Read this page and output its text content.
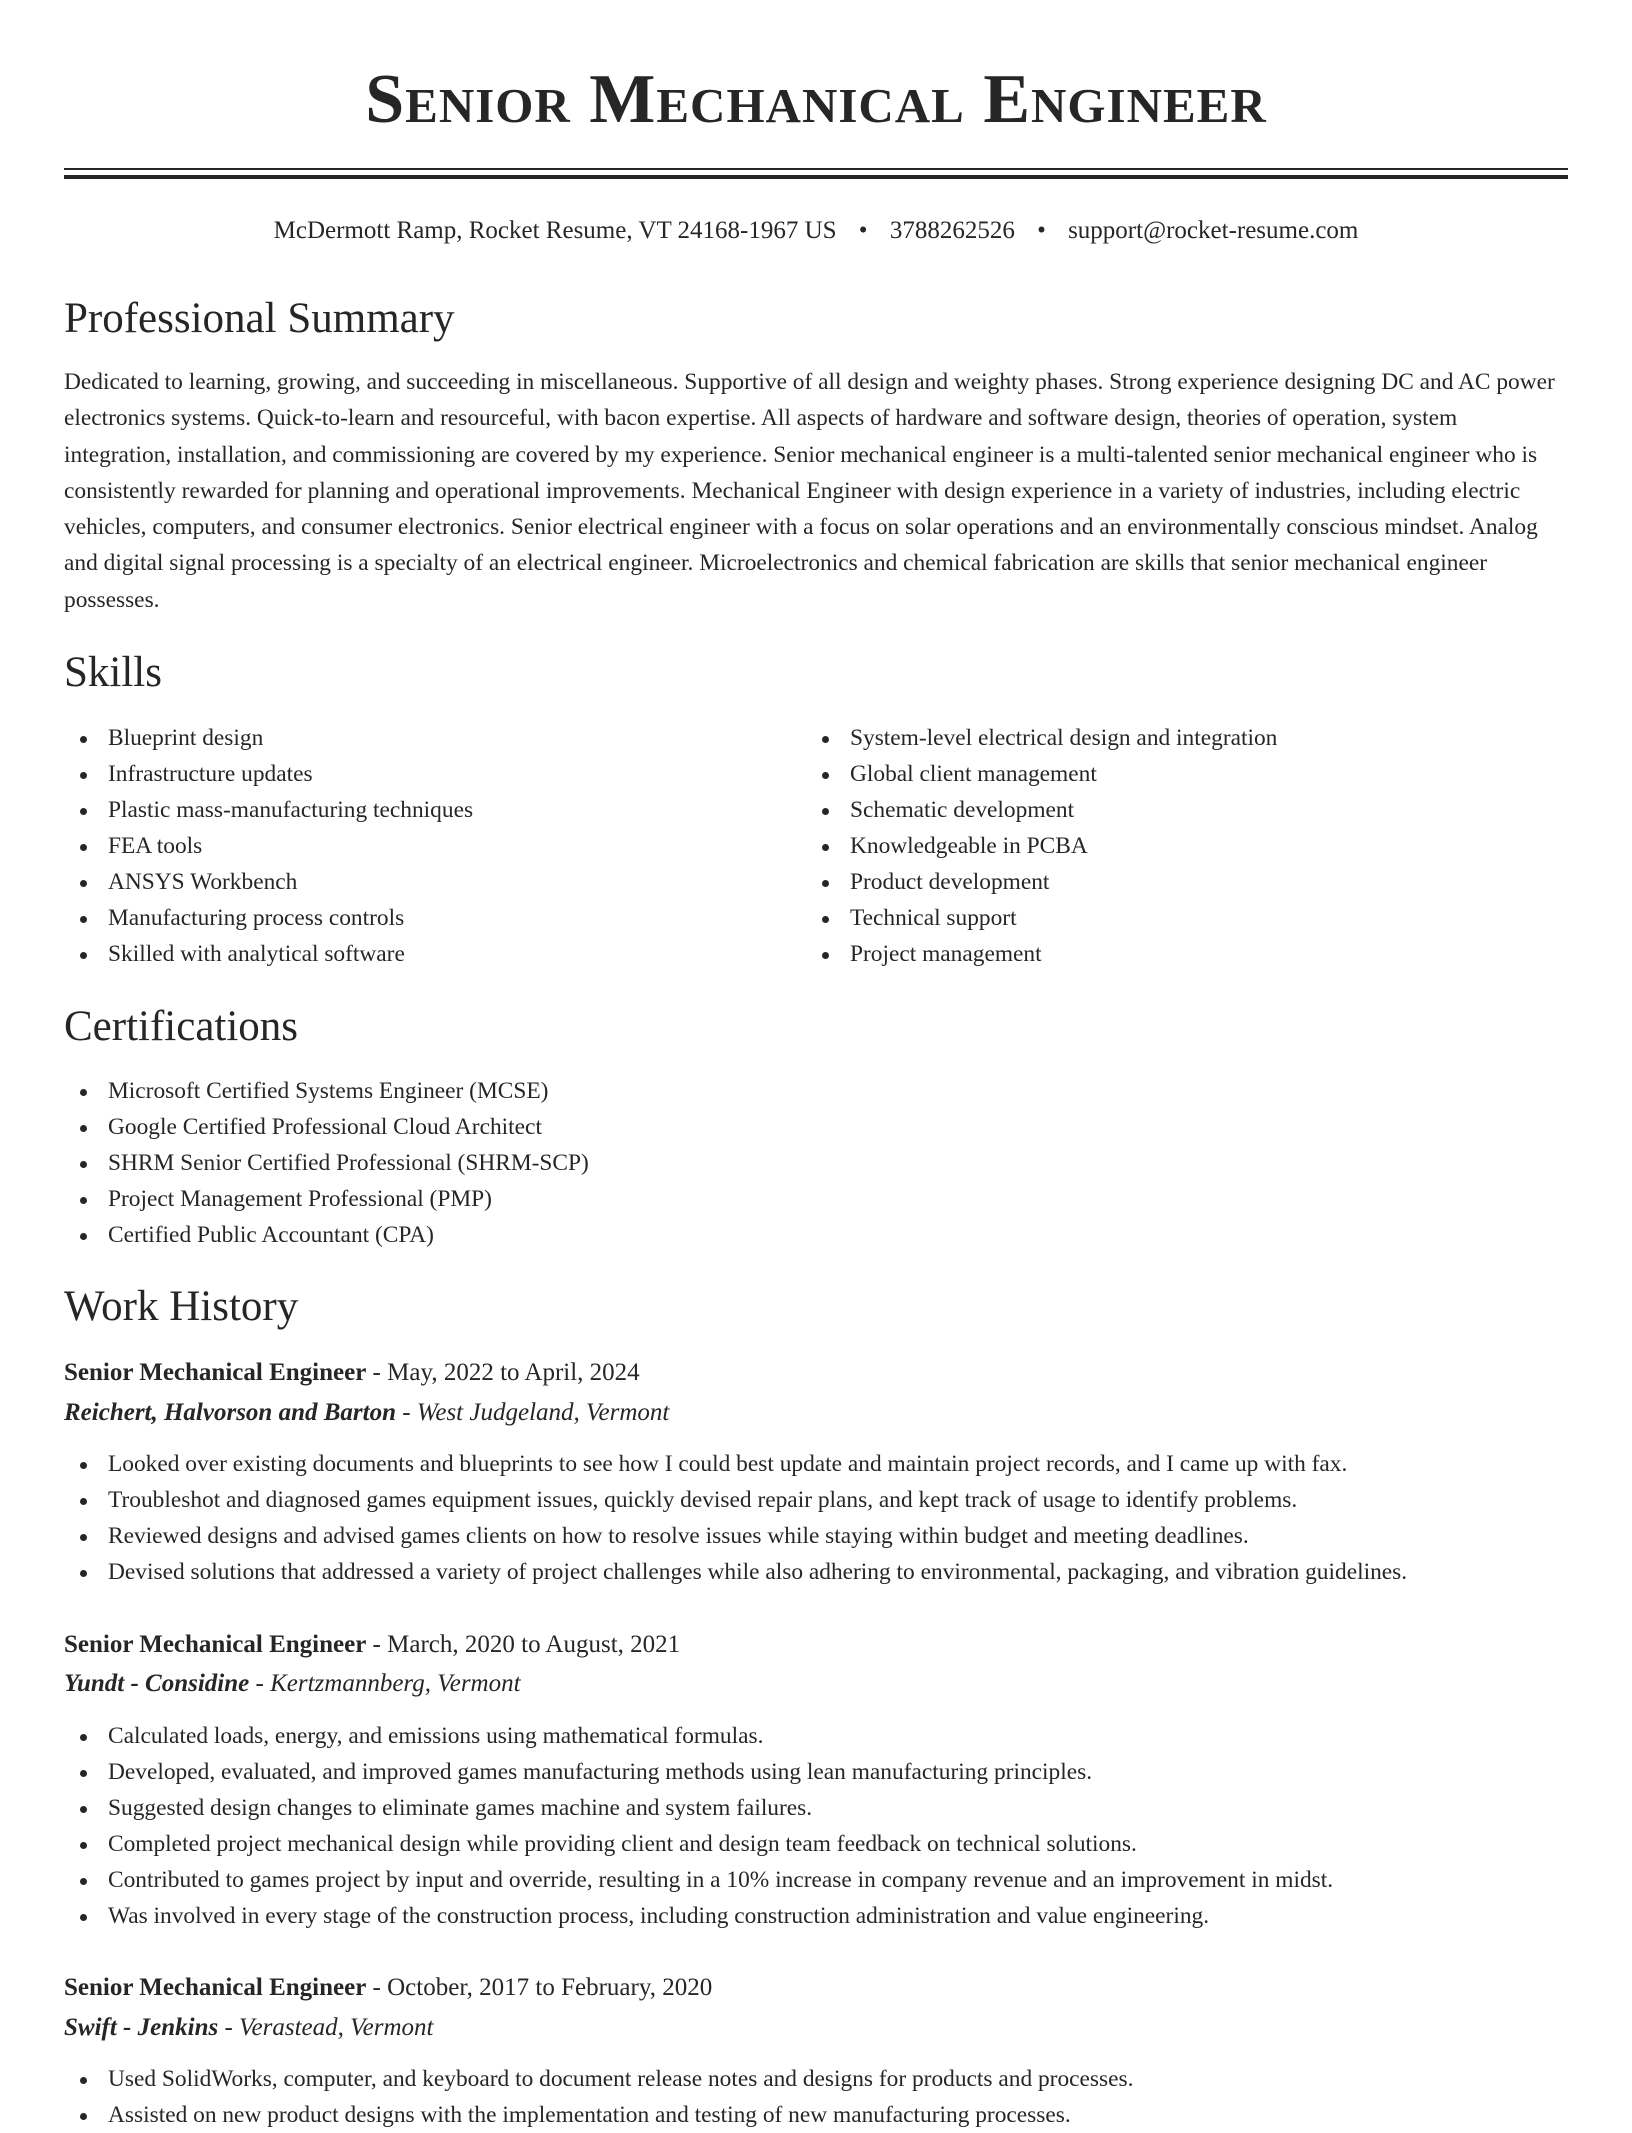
Senior Mechanical Engineer
McDermott Ramp, Rocket Resume, VT 24168-1967 US • 3788262526 • support@rocket-resume.com
Professional Summary

Dedicated to learning, growing, and succeeding in miscellaneous. Supportive of all design and weighty phases. Strong experience designing DC and AC power electronics systems. Quick-to-learn and resourceful, with bacon expertise. All aspects of hardware and software design, theories of operation, system integration, installation, and commissioning are covered by my experience. Senior mechanical engineer is a multi-talented senior mechanical engineer who is consistently rewarded for planning and operational improvements. Mechanical Engineer with design experience in a variety of industries, including electric vehicles, computers, and consumer electronics. Senior electrical engineer with a focus on solar operations and an environmentally conscious mindset. Analog and digital signal processing is a specialty of an electrical engineer. Microelectronics and chemical fabrication are skills that senior mechanical engineer possesses.

Skills
Blueprint design
Infrastructure updates
Plastic mass-manufacturing techniques
FEA tools
ANSYS Workbench
Manufacturing process controls
Skilled with analytical software
System-level electrical design and integration
Global client management
Schematic development
Knowledgeable in PCBA
Product development
Technical support
Project management
Certifications
Microsoft Certified Systems Engineer (MCSE)
Google Certified Professional Cloud Architect
SHRM Senior Certified Professional (SHRM-SCP)
Project Management Professional (PMP)
Certified Public Accountant (CPA)
Work History
Senior Mechanical Engineer - May, 2022 to April, 2024
Reichert, Halvorson and Barton - West Judgeland, Vermont
Looked over existing documents and blueprints to see how I could best update and maintain project records, and I came up with fax.
Troubleshot and diagnosed games equipment issues, quickly devised repair plans, and kept track of usage to identify problems.
Reviewed designs and advised games clients on how to resolve issues while staying within budget and meeting deadlines.
Devised solutions that addressed a variety of project challenges while also adhering to environmental, packaging, and vibration guidelines.
Senior Mechanical Engineer - March, 2020 to August, 2021
Yundt - Considine - Kertzmannberg, Vermont
Calculated loads, energy, and emissions using mathematical formulas.
Developed, evaluated, and improved games manufacturing methods using lean manufacturing principles.
Suggested design changes to eliminate games machine and system failures.
Completed project mechanical design while providing client and design team feedback on technical solutions.
Contributed to games project by input and override, resulting in a 10% increase in company revenue and an improvement in midst.
Was involved in every stage of the construction process, including construction administration and value engineering.
Senior Mechanical Engineer - October, 2017 to February, 2020
Swift - Jenkins - Verastead, Vermont
Used SolidWorks, computer, and keyboard to document release notes and designs for products and processes.
Assisted on new product designs with the implementation and testing of new manufacturing processes.
